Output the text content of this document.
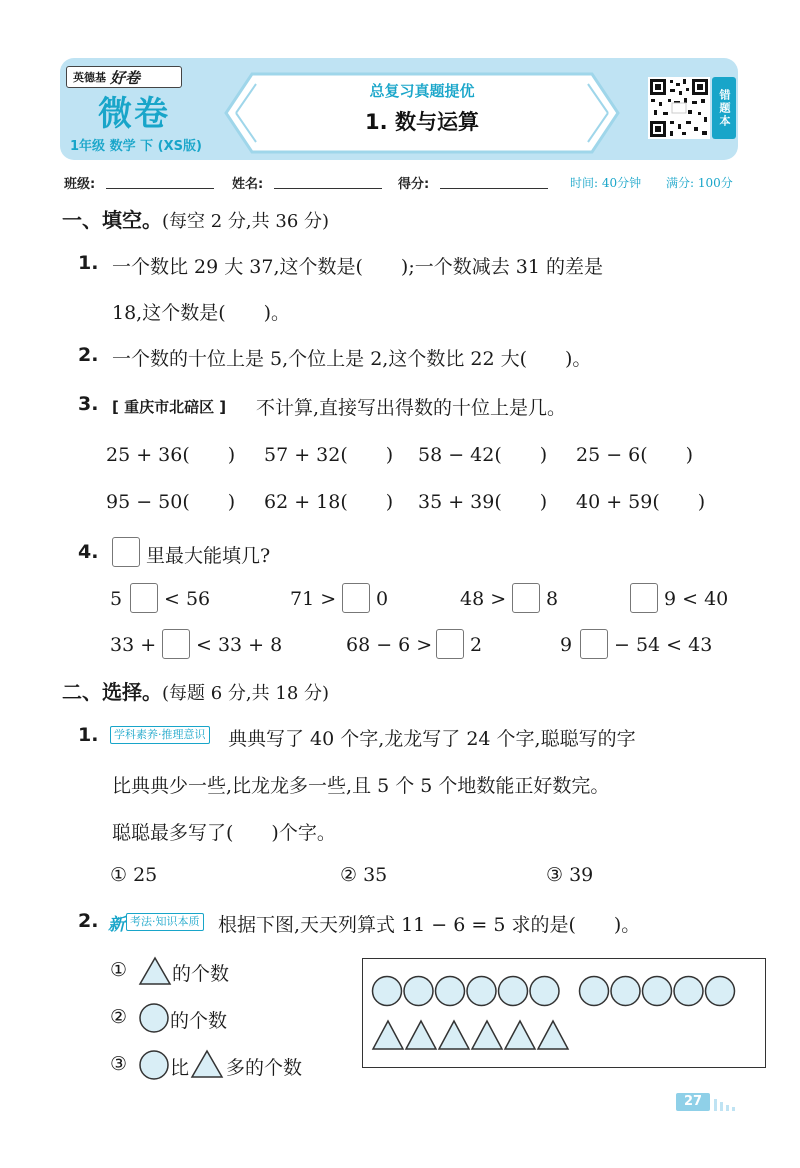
英德基 好卷
微卷
1年级 数学 下 (XS版)
总复习真题提优
1. 数与运算	错题本
班级:	姓名:	得分:	时间: 40分钟 满分: 100分
一、填空。(每空 2 分,共 36 分)
1. 一个数比 29 大 37,这个数是(　　);一个数减去 31 的差是
18,这个数是(　　)。
2. 一个数的十位上是 5,个位上是 2,这个数比 22 大(　　)。
3. [ 重庆市北碚区 ] 不计算,直接写出得数的十位上是几。
25 + 36(　　) 57 + 32(　　) 58 − 42(　　) 25 − 6(　　)
95 − 50(　　) 62 + 18(　　) 35 + 39(　　) 40 + 59(　　)
4.	里最大能填几?
5 < 56	71 > 0	48 > 8	9 < 40
33 + < 33 + 8	68 − 6 > 2	9 − 54 < 43
二、选择。(每题 6 分,共 18 分)
1.	学科素养·推理意识 典典写了 40 个字,龙龙写了 24 个字,聪聪写的字
比典典少一些,比龙龙多一些,且 5 个 5 个地数能正好数完。
聪聪最多写了(　　)个字。
① 25	② 35	③ 39
2. 新 考法·知识本质 根据下图,天天列算式 11 − 6 = 5 求的是(　　)。
① 的个数
② 的个数
③ 比 多的个数
27
